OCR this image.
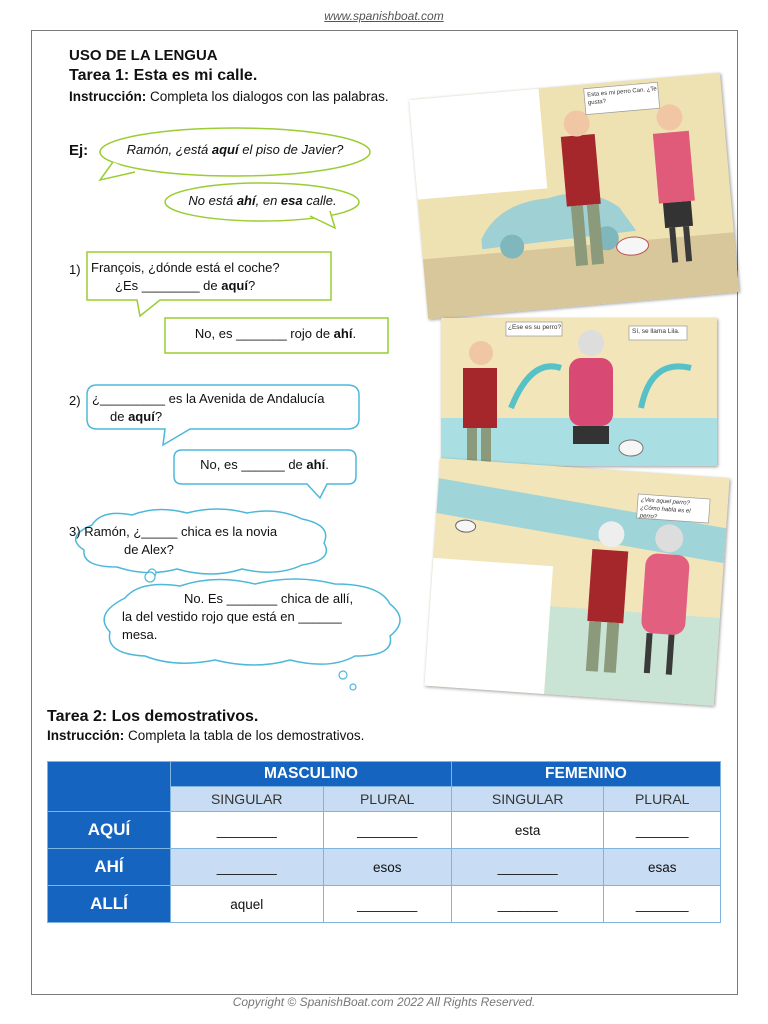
www.spanishboat.com
USO DE LA LENGUA
Tarea 1: Esta es mi calle.
Instrucción: Completa los dialogos con las palabras.
Ej:	Ramón, ¿está aquí el piso de Javier?
No está ahí, en esa calle.
1) François, ¿dónde está el coche?
¿Es ________ de aquí?
No, es _______ rojo de ahí.
2) ¿_________ es la Avenida de Andalucía
de aquí?
No, es ______ de ahí.
3) Ramón, ¿_____ chica es la novia
de Alex?
No. Es _______ chica de allí,
la del vestido rojo que está en ______
mesa.
Esta es mi perro Can. ¿Te gusta?
¿Ese es su perro?
Sí, se llama Lila.
¿Ves aquel perro? ¿Cómo habla es el perro?
Tarea 2: Los demostrativos.
Instrucción: Completa la tabla de los demostrativos.
	MASCULINO		FEMENINO	
	SINGULAR	PLURAL	SINGULAR	PLURAL
AQUÍ	________	________	esta	_______
AHÍ	________	esos	________	esas
ALLÍ	aquel	________	________	_______
Copyright © SpanishBoat.com 2022 All Rights Reserved.
